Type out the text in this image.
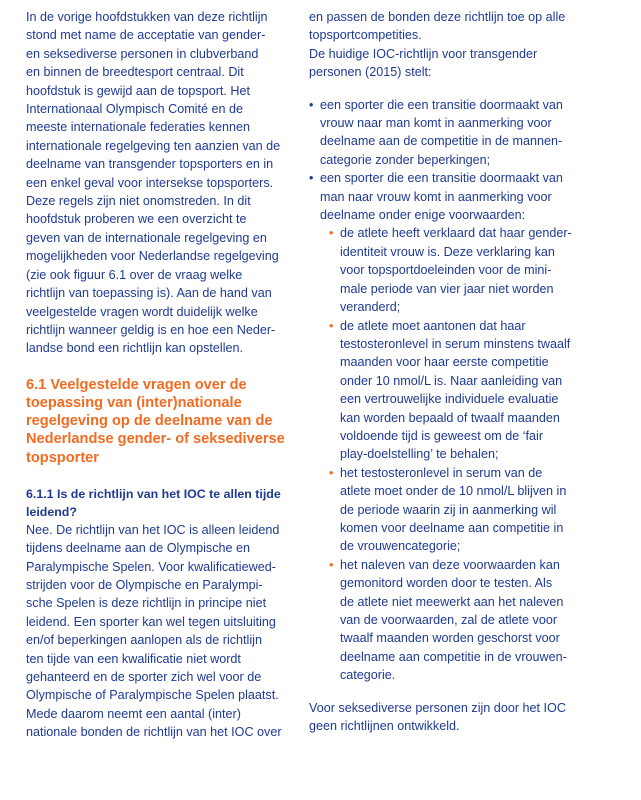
In de vorige hoofdstukken van deze richtlijn
stond met name de acceptatie van gender-
en seksediverse personen in clubverband
en binnen de breedtesport centraal. Dit
hoofdstuk is gewijd aan de topsport. Het
Internationaal Olympisch Comité en de
meeste internationale federaties kennen
internationale regelgeving ten aanzien van de
deelname van transgender topsporters en in
een enkel geval voor intersekse topsporters.
Deze regels zijn niet onomstreden. In dit
hoofdstuk proberen we een overzicht te
geven van de internationale regelgeving en
mogelijkheden voor Nederlandse regelgeving
(zie ook figuur 6.1 over de vraag welke
richtlijn van toepassing is). Aan de hand van
veelgestelde vragen wordt duidelijk welke
richtlijn wanneer geldig is en hoe een Neder-
landse bond een richtlijn kan opstellen.
6.1 Veelgestelde vragen over de
toepassing van (inter)nationale
regelgeving op de deelname van de
Nederlandse gender- of seksediverse
topsporter
6.1.1 Is de richtlijn van het IOC te allen tijde
leidend?
Nee. De richtlijn van het IOC is alleen leidend
tijdens deelname aan de Olympische en
Paralympische Spelen. Voor kwalificatiewed-
strijden voor de Olympische en Paralympi-
sche Spelen is deze richtlijn in principe niet
leidend. Een sporter kan wel tegen uitsluiting
en/of beperkingen aanlopen als de richtlijn
ten tijde van een kwalificatie niet wordt
gehanteerd en de sporter zich wel voor de
Olympische of Paralympische Spelen plaatst.
Mede daarom neemt een aantal (inter)
nationale bonden de richtlijn van het IOC over
en passen de bonden deze richtlijn toe op alle
topsportcompetities.
De huidige IOC-richtlijn voor transgender
personen (2015) stelt:
• een sporter die een transitie doormaakt van
vrouw naar man komt in aanmerking voor
deelname aan de competitie in de mannen-
categorie zonder beperkingen;
• een sporter die een transitie doormaakt van
man naar vrouw komt in aanmerking voor
deelname onder enige voorwaarden:
• de atlete heeft verklaard dat haar gender-
identiteit vrouw is. Deze verklaring kan
voor topsportdoeleinden voor de mini-
male periode van vier jaar niet worden
veranderd;
• de atlete moet aantonen dat haar
testosteronlevel in serum minstens twaalf
maanden voor haar eerste competitie
onder 10 nmol/L is. Naar aanleiding van
een vertrouwelijke individuele evaluatie
kan worden bepaald of twaalf maanden
voldoende tijd is geweest om de ‘fair
play-doelstelling’ te behalen;
• het testosteronlevel in serum van de
atlete moet onder de 10 nmol/L blijven in
de periode waarin zij in aanmerking wil
komen voor deelname aan competitie in
de vrouwencategorie;
• het naleven van deze voorwaarden kan
gemonitord worden door te testen. Als
de atlete niet meewerkt aan het naleven
van de voorwaarden, zal de atlete voor
twaalf maanden worden geschorst voor
deelname aan competitie in de vrouwen-
categorie.
Voor seksediverse personen zijn door het IOC
geen richtlijnen ontwikkeld.
